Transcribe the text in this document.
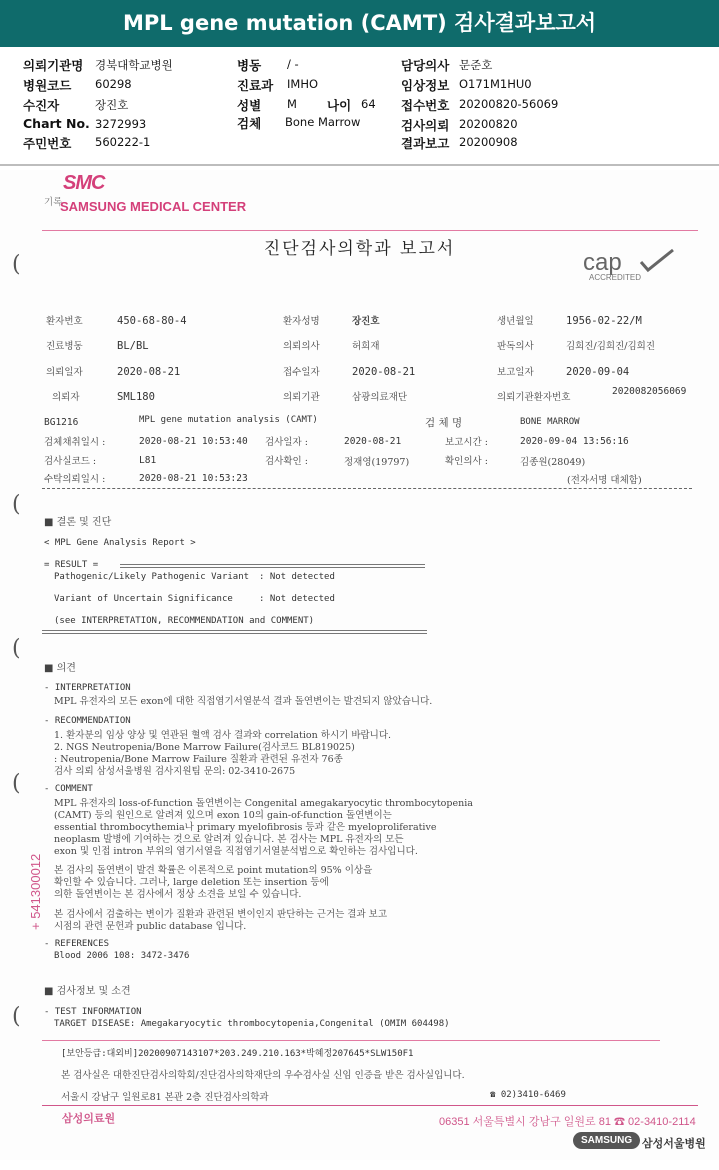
MPL gene mutation (CAMT) 검사결과보고서
의뢰기관명 경북대학교병원
병원코드 60298
수진자	장진호
Chart No. 3272993
주민번호 560222-1
병동 / -
진료과 IMHO
성별 M 나이 64
검체 Bone Marrow
담당의사 문준호
임상정보 O171M1HU0
접수번호 20200820-56069
검사의뢰 20200820
결과보고 20200908
기록
SMC
SAMSUNG MEDICAL CENTER
진단검사의학과 보고서	cap
ACCREDITED
(
(
(
(
(
환자번호	450-68-80-4	환자성명	장진호	생년월일	1956-02-22/M
진료병동	BL/BL	의뢰의사	허희재	판독의사	김희진/김희진/김희진
의뢰일자	2020-08-21	접수일자	2020-08-21	보고일자	2020-09-04
의뢰자	SML180	의뢰기관	삼광의료재단	의뢰기관환자번호
2020082056069
BG1216	MPL gene mutation analysis (CAMT)	검 체 명	BONE MARROW
검체채취일시 :	2020-08-21 10:53:40 검사일자 :	2020-08-21	보고시간 :	2020-09-04 13:56:16
검사실코드 :	L81	검사확인 :	정재영(19797)	확인의사 :	김종원(28049)
수탁의뢰일시 :	2020-08-21 10:53:23	(전자서명 대체함)
■ 결론 및 진단
< MPL Gene Analysis Report >
= RESULT =
Pathogenic/Likely Pathogenic Variant : Not detected
Variant of Uncertain Significance	: Not detected
(see INTERPRETATION, RECOMMENDATION and COMMENT)
■ 의견
- INTERPRETATION
MPL 유전자의 모든 exon에 대한 직접염기서열분석 결과 돌연변이는 발견되지 않았습니다.
- RECOMMENDATION
1. 환자분의 임상 양상 및 연관된 혈액 검사 결과와 correlation 하시기 바랍니다.
2. NGS Neutropenia/Bone Marrow Failure(검사코드 BL819025)
: Neutropenia/Bone Marrow Failure 질환과 관련된 유전자 76종
검사 의뢰 삼성서울병원 검사지원팀 문의: 02-3410-2675
- COMMENT
MPL 유전자의 loss-of-function 돌연변이는 Congenital amegakaryocytic thrombocytopenia
(CAMT) 등의 원인으로 알려져 있으며 exon 10의 gain-of-function 돌연변이는
essential thrombocythemia나 primary myelofibrosis 등과 같은 myeloproliferative
neoplasm 발병에 기여하는 것으로 알려져 있습니다. 본 검사는 MPL 유전자의 모든
exon 및 인접 intron 부위의 염기서열을 직접염기서열분석법으로 확인하는 검사입니다.
본 검사의 돌연변이 발견 확률은 이론적으로 point mutation의 95% 이상을
확인할 수 있습니다. 그러나, large deletion 또는 insertion 등에
의한 돌연변이는 본 검사에서 정상 소견을 보일 수 있습니다.
본 검사에서 검출하는 변이가 질환과 관련된 변이인지 판단하는 근거는 결과 보고
시점의 관련 문헌과 public database 입니다.
- REFERENCES
Blood 2006 108: 3472-3476
■ 검사정보 및 소견
- TEST INFORMATION
TARGET DISEASE: Amegakaryocytic thrombocytopenia,Congenital (OMIM 604498)
+ 541300012
[보안등급:대외비]20200907143107*203.249.210.163*박혜정207645*SLW150F1
본 검사실은 대한진단검사의학회/진단검사의학재단의 우수검사실 신임 인증을 받은 검사실입니다.
서울시 강남구 일원로81 본관 2층 진단검사의학과	☎ 02)3410-6469
삼성의료원	06351 서울특별시 강남구 일원로 81 ☎ 02-3410-2114
SAMSUNG 삼성서울병원
